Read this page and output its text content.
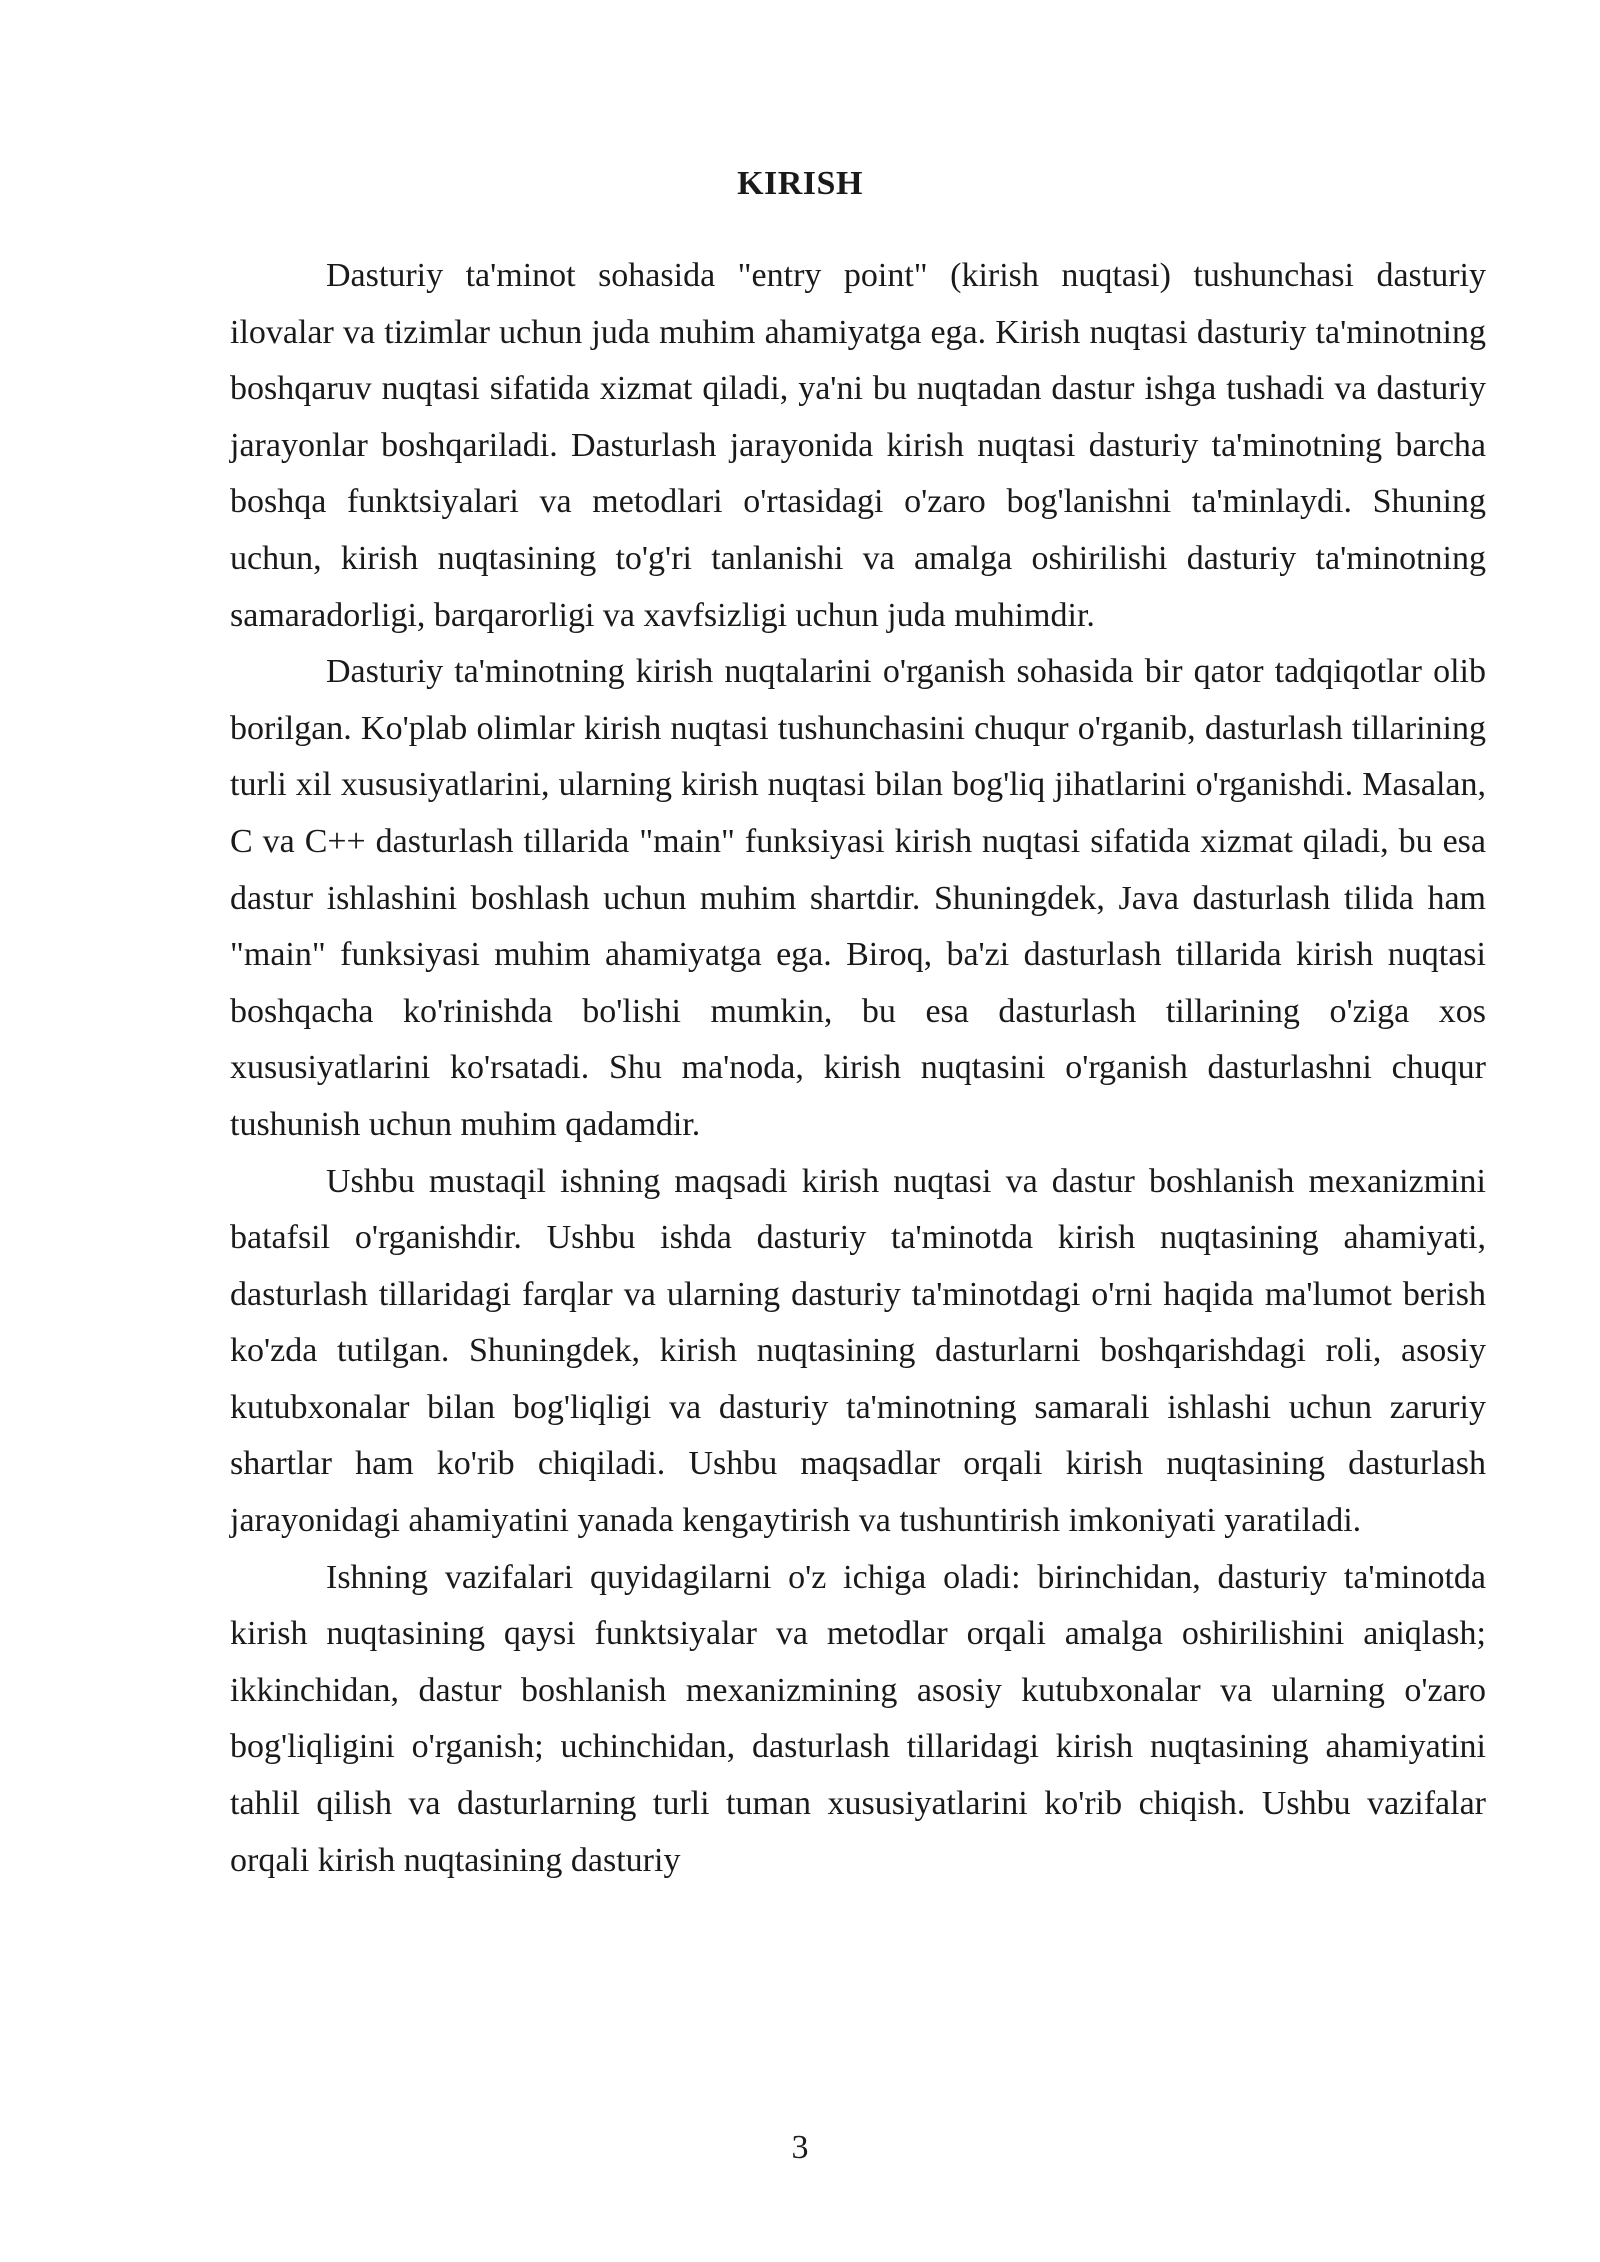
KIRISH

Dasturiy ta'minot sohasida "entry point" (kirish nuqtasi) tushunchasi dasturiy ilovalar va tizimlar uchun juda muhim ahamiyatga ega. Kirish nuqtasi dasturiy ta'minotning boshqaruv nuqtasi sifatida xizmat qiladi, ya'ni bu nuqtadan dastur ishga tushadi va dasturiy jarayonlar boshqariladi. Dasturlash jarayonida kirish nuqtasi dasturiy ta'minotning barcha boshqa funktsiyalari va metodlari o'rtasidagi o'zaro bog'lanishni ta'minlaydi. Shuning uchun, kirish nuqtasining to'g'ri tanlanishi va amalga oshirilishi dasturiy ta'minotning samaradorligi, barqarorligi va xavfsizligi uchun juda muhimdir.

Dasturiy ta'minotning kirish nuqtalarini o'rganish sohasida bir qator tadqiqotlar olib borilgan. Ko'plab olimlar kirish nuqtasi tushunchasini chuqur o'rganib, dasturlash tillarining turli xil xususiyatlarini, ularning kirish nuqtasi bilan bog'liq jihatlarini o'rganishdi. Masalan, C va C++ dasturlash tillarida "main" funksiyasi kirish nuqtasi sifatida xizmat qiladi, bu esa dastur ishlashini boshlash uchun muhim shartdir. Shuningdek, Java dasturlash tilida ham "main" funksiyasi muhim ahamiyatga ega. Biroq, ba'zi dasturlash tillarida kirish nuqtasi boshqacha ko'rinishda bo'lishi mumkin, bu esa dasturlash tillarining o'ziga xos xususiyatlarini ko'rsatadi. Shu ma'noda, kirish nuqtasini o'rganish dasturlashni chuqur tushunish uchun muhim qadamdir.

Ushbu mustaqil ishning maqsadi kirish nuqtasi va dastur boshlanish mexanizmini batafsil o'rganishdir. Ushbu ishda dasturiy ta'minotda kirish nuqtasining ahamiyati, dasturlash tillaridagi farqlar va ularning dasturiy ta'minotdagi o'rni haqida ma'lumot berish ko'zda tutilgan. Shuningdek, kirish nuqtasining dasturlarni boshqarishdagi roli, asosiy kutubxonalar bilan bog'liqligi va dasturiy ta'minotning samarali ishlashi uchun zaruriy shartlar ham ko'rib chiqiladi. Ushbu maqsadlar orqali kirish nuqtasining dasturlash jarayonidagi ahamiyatini yanada kengaytirish va tushuntirish imkoniyati yaratiladi.

Ishning vazifalari quyidagilarni o'z ichiga oladi: birinchidan, dasturiy ta'minotda kirish nuqtasining qaysi funktsiyalar va metodlar orqali amalga oshirilishini aniqlash; ikkinchidan, dastur boshlanish mexanizmining asosiy kutubxonalar va ularning o'zaro bog'liqligini o'rganish; uchinchidan, dasturlash tillaridagi kirish nuqtasining ahamiyatini tahlil qilish va dasturlarning turli tuman xususiyatlarini ko'rib chiqish. Ushbu vazifalar orqali kirish nuqtasining dasturiy

3
